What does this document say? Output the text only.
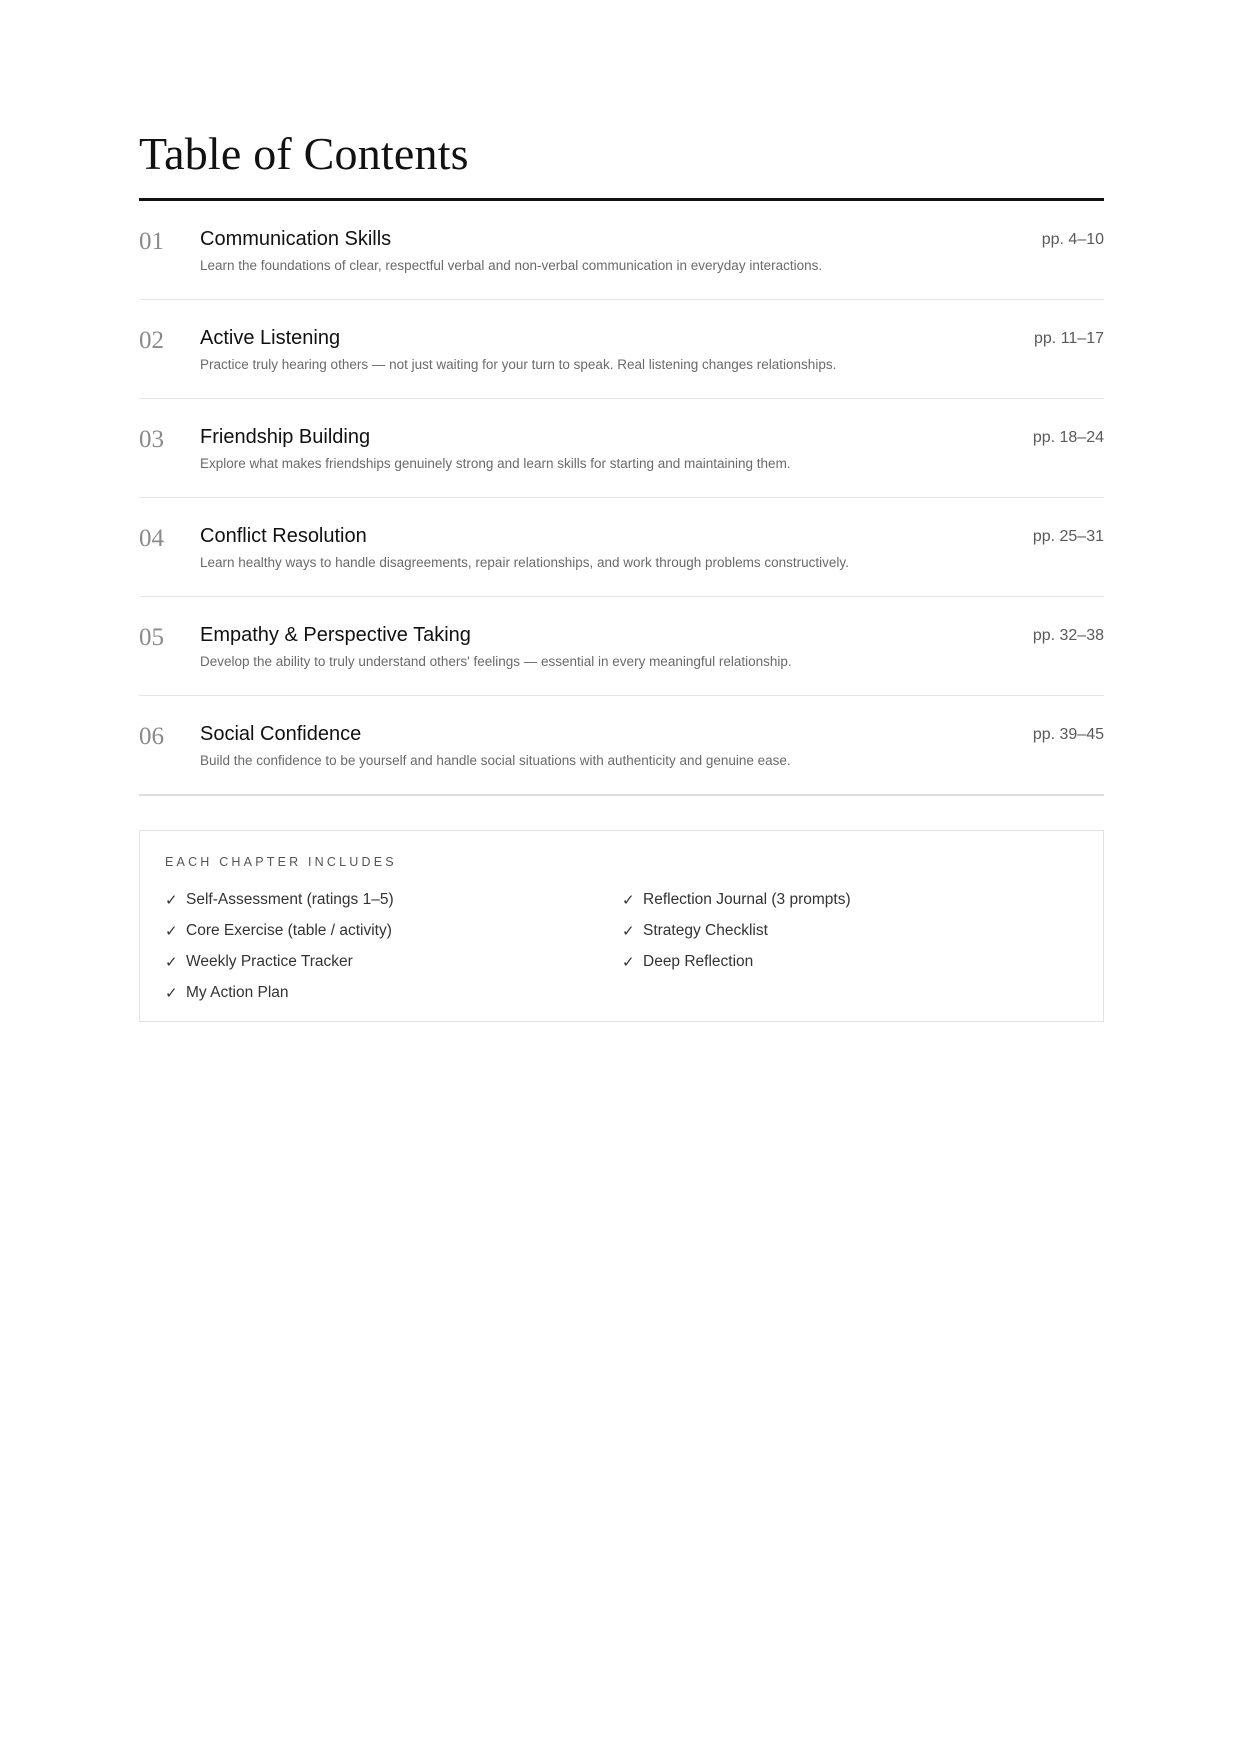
Table of Contents
01 Communication Skills
Learn the foundations of clear, respectful verbal and non-verbal communication in everyday interactions.
pp. 4–10
02 Active Listening
Practice truly hearing others — not just waiting for your turn to speak. Real listening changes relationships.
pp. 11–17
03 Friendship Building
Explore what makes friendships genuinely strong and learn skills for starting and maintaining them.
pp. 18–24
04 Conflict Resolution
Learn healthy ways to handle disagreements, repair relationships, and work through problems constructively.
pp. 25–31
05 Empathy & Perspective Taking
Develop the ability to truly understand others' feelings — essential in every meaningful relationship.
pp. 32–38
06 Social Confidence
Build the confidence to be yourself and handle social situations with authenticity and genuine ease.
pp. 39–45
EACH CHAPTER INCLUDES
✓ Self-Assessment (ratings 1–5)
✓ Core Exercise (table / activity)
✓ Weekly Practice Tracker
✓ My Action Plan
✓ Reflection Journal (3 prompts)
✓ Strategy Checklist
✓ Deep Reflection
